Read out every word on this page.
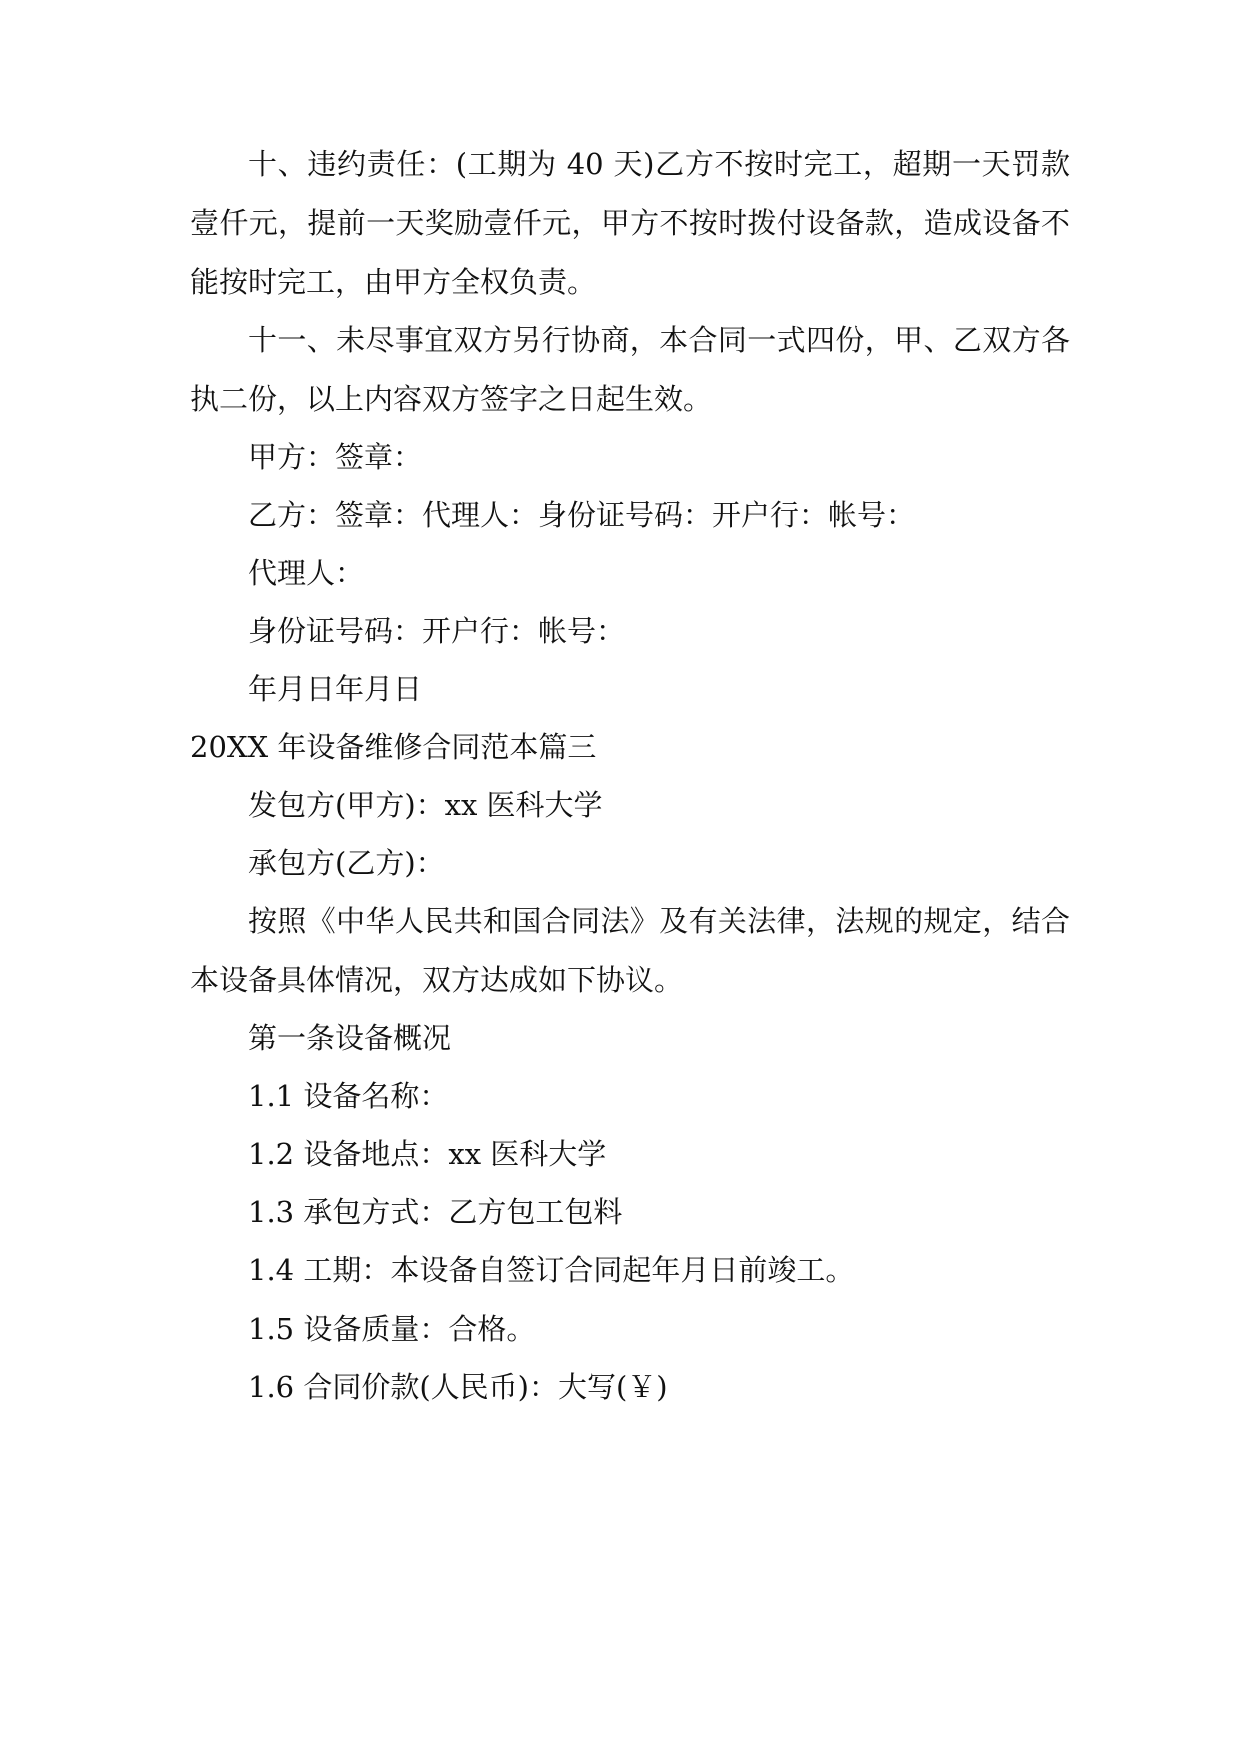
十、违约责任：(工期为 40 天)乙方不按时完工，超期一天罚款
壹仟元，提前一天奖励壹仟元，甲方不按时拨付设备款，造成设备不
能按时完工，由甲方全权负责。
十一、未尽事宜双方另行协商，本合同一式四份，甲、乙双方各
执二份，以上内容双方签字之日起生效。
甲方：签章：
乙方：签章：代理人：身份证号码：开户行：帐号：
代理人：
身份证号码：开户行：帐号：
年月日年月日
20XX 年设备维修合同范本篇三
发包方(甲方)：xx 医科大学
承包方(乙方)：
按照《中华人民共和国合同法》及有关法律，法规的规定，结合
本设备具体情况，双方达成如下协议。
第一条设备概况
1.1 设备名称：
1.2 设备地点：xx 医科大学
1.3 承包方式：乙方包工包料
1.4 工期：本设备自签订合同起年月日前竣工。
1.5 设备质量：合格。
1.6 合同价款(人民币)：大写(￥)
